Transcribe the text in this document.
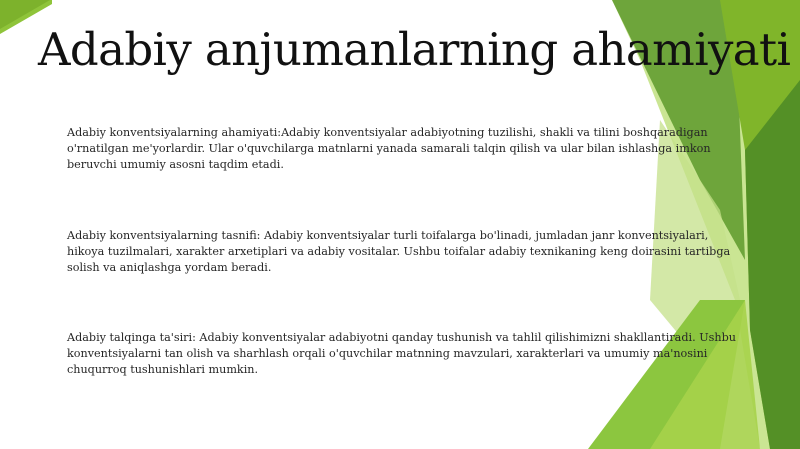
Adabiy anjumanlarning ahamiyati

Adabiy konventsiyalarning ahamiyati:Adabiy konventsiyalar adabiyotning tuzilishi, shakli va tilini boshqaradigan o'rnatilgan me'yorlardir. Ular o'quvchilarga matnlarni yanada samarali talqin qilish va ular bilan ishlashga imkon beruvchi umumiy asosni taqdim etadi.

Adabiy konventsiyalarning tasnifi: Adabiy konventsiyalar turli toifalarga bo'linadi, jumladan janr konventsiyalari, hikoya tuzilmalari, xarakter arxetiplari va adabiy vositalar. Ushbu toifalar adabiy texnikaning keng doirasini tartibga solish va aniqlashga yordam beradi.

Adabiy talqinga ta'siri: Adabiy konventsiyalar adabiyotni qanday tushunish va tahlil qilishimizni shakllantiradi. Ushbu konventsiyalarni tan olish va sharhlash orqali o'quvchilar matnning mavzulari, xarakterlari va umumiy ma'nosini chuqurroq tushunishlari mumkin.
